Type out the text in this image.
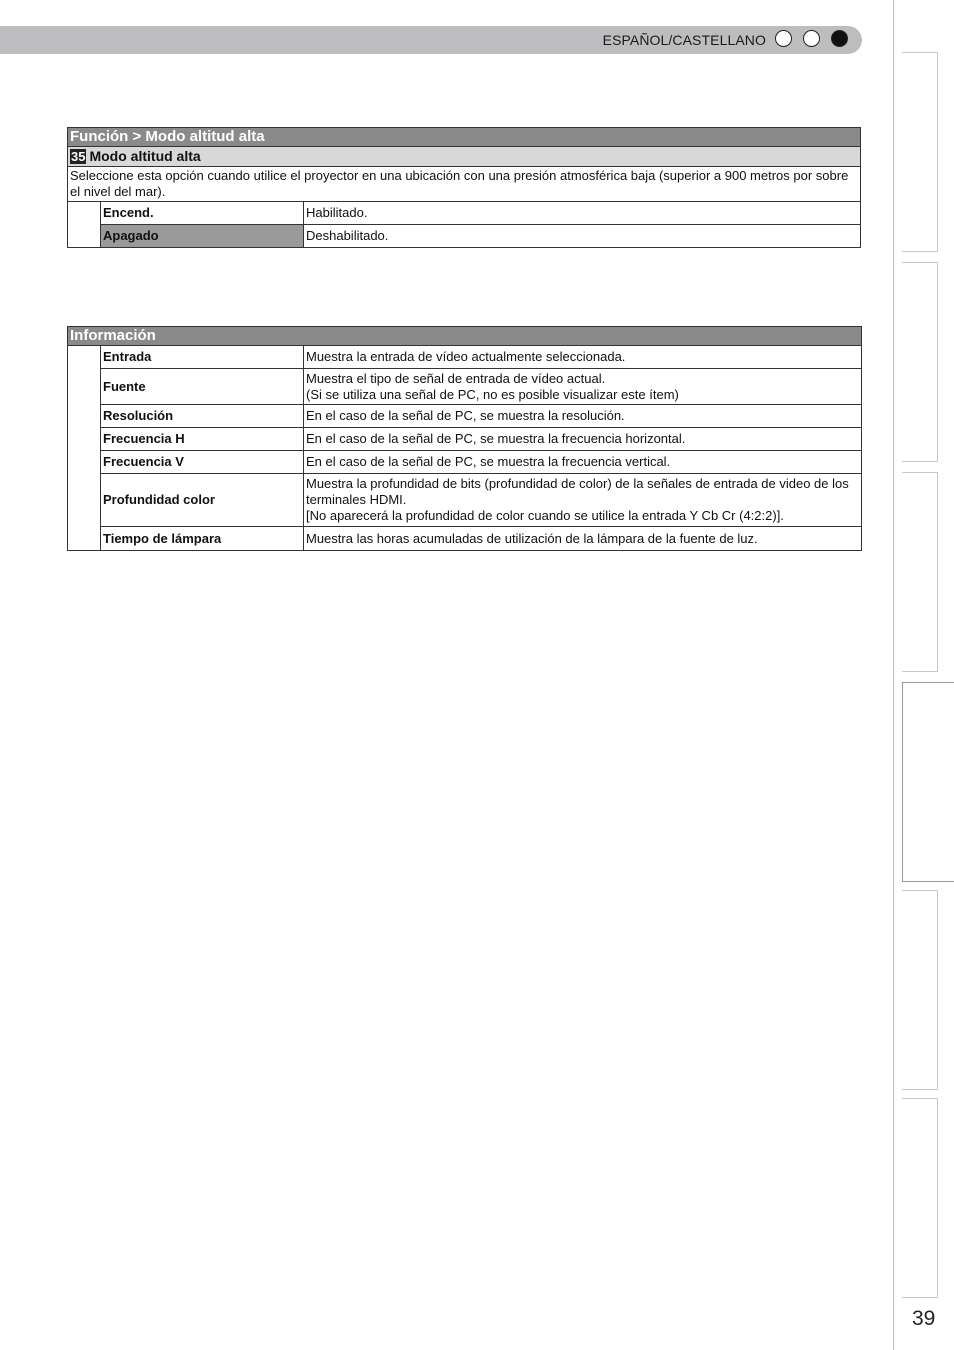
ESPAÑOL/CASTELLANO
Función > Modo altitud alta		
35 Modo altitud alta		
Seleccione esta opción cuando utilice el proyector en una ubicación con una presión atmosférica baja (superior a 900 metros por sobre el nivel del mar).		
	Encend.	Habilitado.
	Apagado	Deshabilitado.
Información		
	Entrada	Muestra la entrada de vídeo actualmente seleccionada.
	Fuente	Muestra el tipo de señal de entrada de vídeo actual.
(Si se utiliza una señal de PC, no es posible visualizar este ítem)

	Resolución	En el caso de la señal de PC, se muestra la resolución.
	Frecuencia H	En el caso de la señal de PC, se muestra la frecuencia horizontal.
	Frecuencia V	En el caso de la señal de PC, se muestra la frecuencia vertical.
	Profundidad color	Muestra la profundidad de bits (profundidad de color) de la señales de entrada de video de los terminales HDMI.
[No aparecerá la profundidad de color cuando se utilice la entrada Y Cb Cr (4:2:2)].

	Tiempo de lámpara	Muestra las horas acumuladas de utilización de la lámpara de la fuente de luz.
39
